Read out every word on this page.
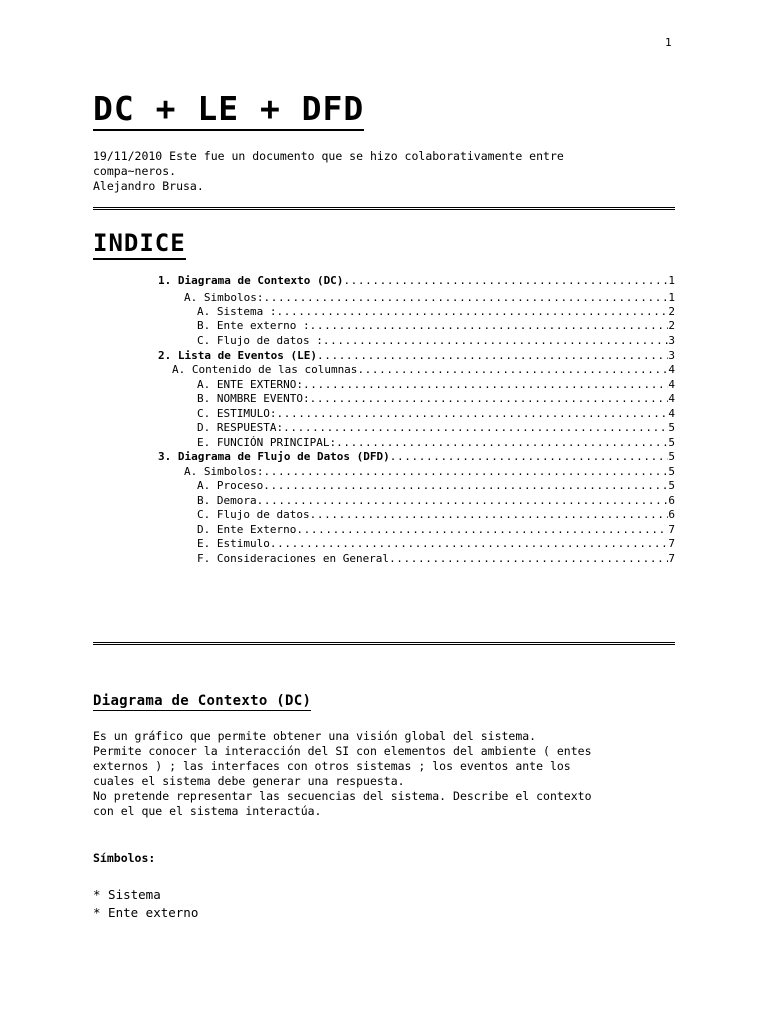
1
DC + LE + DFD
19/11/2010 Este fue un documento que se hizo colaborativamente entre
compa~neros.
Alejandro Brusa.
INDICE
1. Diagrama de Contexto (DC) . . .	1
A. Simbolos: . . .	1
A. Sistema : . . .	2
B. Ente externo : . . .	2
C. Flujo de datos : . . .	3
2. Lista de Eventos (LE) . . .	3
A. Contenido de las columnas . . .	4
A. ENTE EXTERNO: . . .	4
B. NOMBRE EVENTO: . . .	4
C. ESTIMULO: . . .	4
D. RESPUESTA: . . .	5
E. FUNCIÓN PRINCIPAL: . . .	5
3. Diagrama de Flujo de Datos (DFD) . . .	5
A. Simbolos: . . .	5
A. Proceso . . .	5
B. Demora . . .	6
C. Flujo de datos . . .	6
D. Ente Externo . . .	7
E. Estimulo . . .	7
F. Consideraciones en General . . .	7
Diagrama de Contexto (DC)
Es un gráfico que permite obtener una visión global del sistema.
Permite conocer la interacción del SI con elementos del ambiente ( entes
externos ) ; las interfaces con otros sistemas ; los eventos ante los
cuales el sistema debe generar una respuesta.
No pretende representar las secuencias del sistema. Describe el contexto
con el que el sistema interactúa.
Símbolos:
* Sistema
* Ente externo
